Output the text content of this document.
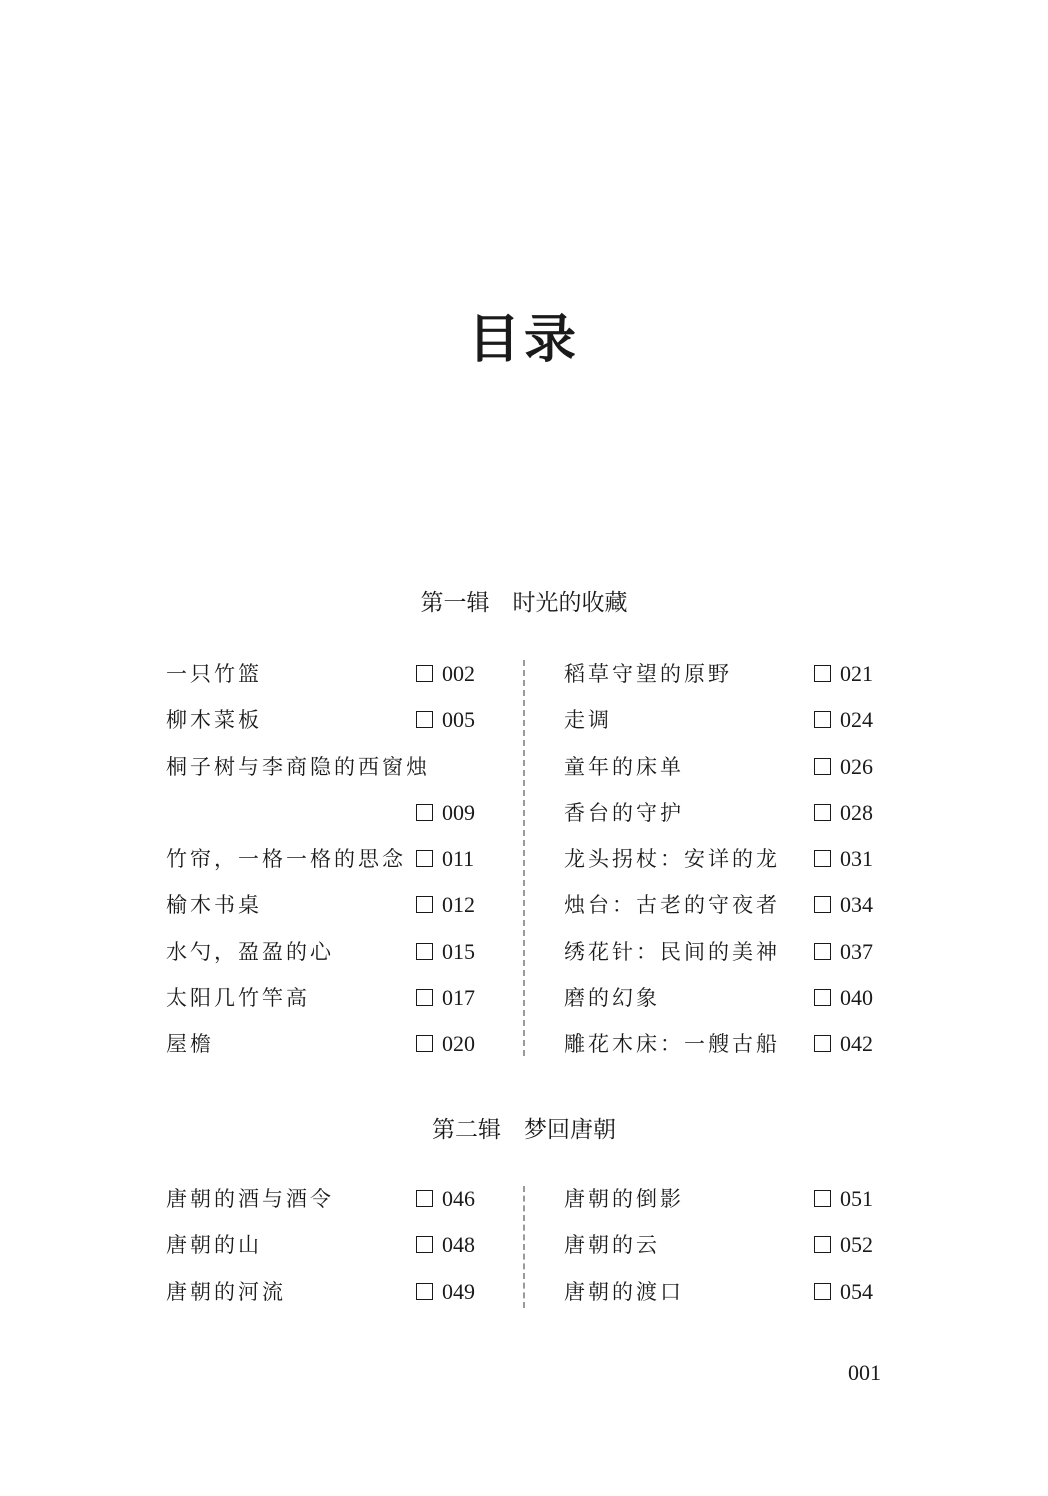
目录
第一辑　时光的收藏
一只竹篮	002
柳木菜板	005
桐子树与李商隐的西窗烛
009
竹帘，一格一格的思念	011
榆木书桌	012
水勺，盈盈的心	015
太阳几竹竿高	017
屋檐	020
稻草守望的原野	021
走调	024
童年的床单	026
香台的守护	028
龙头拐杖：安详的龙	031
烛台：古老的守夜者	034
绣花针：民间的美神	037
磨的幻象	040
雕花木床：一艘古船	042
第二辑　梦回唐朝
唐朝的酒与酒令	046
唐朝的山	048
唐朝的河流	049
唐朝的倒影	051
唐朝的云	052
唐朝的渡口	054
001
